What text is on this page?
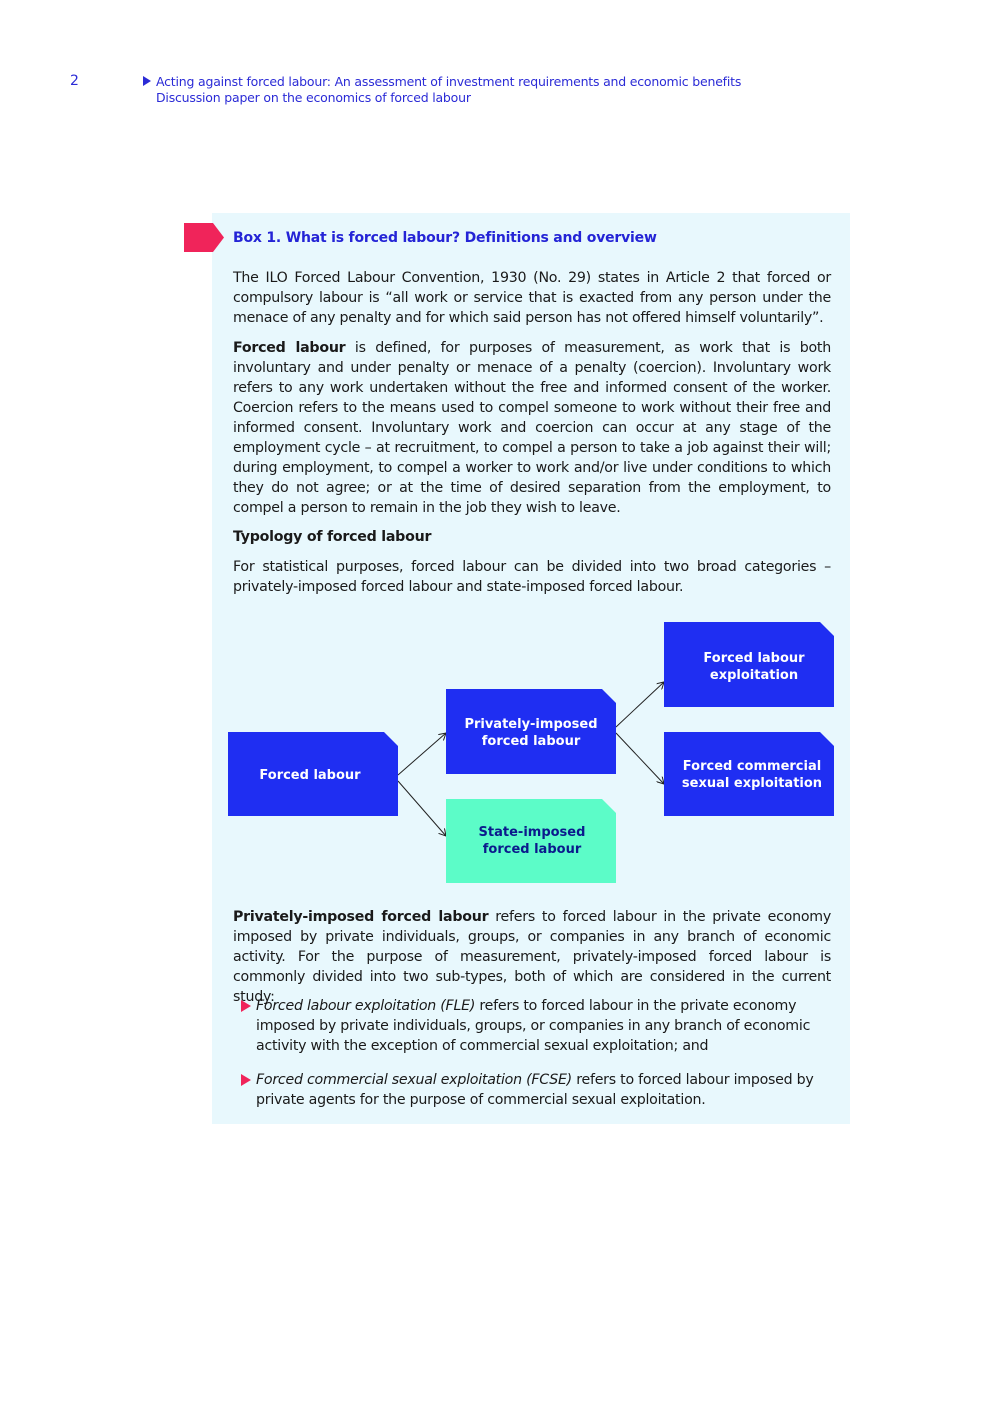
2	Acting against forced labour: An assessment of investment requirements and economic benefits
Discussion paper on the economics of forced labour
Box 1. What is forced labour? Definitions and overview

The ILO Forced Labour Convention, 1930 (No. 29) states in Article 2 that forced or compulsory labour is “all work or service that is exacted from any person under the menace of any penalty and for which said person has not offered himself voluntarily”.

Forced labour is defined, for purposes of measurement, as work that is both involuntary and under penalty or menace of a penalty (coercion). Involuntary work refers to any work undertaken without the free and informed consent of the worker. Coercion refers to the means used to compel someone to work without their free and informed consent. Involuntary work and coercion can occur at any stage of the employment cycle – at recruitment, to compel a person to take a job against their will; during employment, to compel a worker to work and/or live under conditions to which they do not agree; or at the time of desired separation from the employment, to compel a person to remain in the job they wish to leave.

Typology of forced labour

For statistical purposes, forced labour can be divided into two broad categories – privately-imposed forced labour and state-imposed forced labour.

Forced labour
Privately-imposed
forced labour
State-imposed
forced labour
Forced labour
exploitation
Forced commercial
sexual exploitation

Privately-imposed forced labour refers to forced labour in the private economy imposed by private individuals, groups, or companies in any branch of economic activity. For the purpose of measurement, privately-imposed forced labour is commonly divided into two sub-types, both of which are considered in the current study:

Forced labour exploitation (FLE) refers to forced labour in the private economy imposed by private individuals, groups, or companies in any branch of economic activity with the exception of commercial sexual exploitation; and
Forced commercial sexual exploitation (FCSE) refers to forced labour imposed by private agents for the purpose of commercial sexual exploitation.
